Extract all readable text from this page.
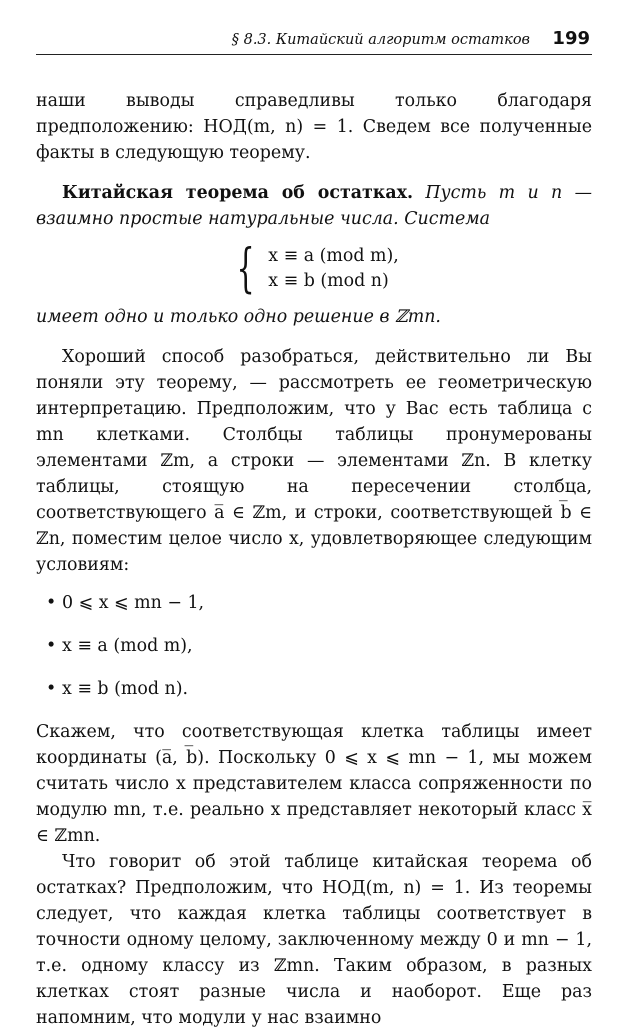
§ 8.3. Китайский алгоритм остатков 199

наши выводы справедливы только благодаря предположению: НОД(m, n) = 1. Сведем все полученные факты в следующую теорему.

Китайская теорема об остатках. Пусть m и n — взаимно простые натуральные числа. Система

{ x ≡ a (mod m),
x ≡ b (mod n)

имеет одно и только одно решение в ℤmn.

Хороший способ разобраться, действительно ли Вы поняли эту теорему, — рассмотреть ее геометрическую интерпретацию. Предположим, что у Вас есть таблица с mn клетками. Столбцы таблицы пронумерованы элементами ℤm, а строки — элементами ℤn. В клетку таблицы, стоящую на пересечении столбца, соответствующего a̅ ∈ ℤm, и строки, соответствующей b̅ ∈ ℤn, поместим целое число x, удовлетворяющее следующим условиям:

• 0 ⩽ x ⩽ mn − 1,
• x ≡ a (mod m),
• x ≡ b (mod n).

Скажем, что соответствующая клетка таблицы имеет координаты (a̅, b̅). Поскольку 0 ⩽ x ⩽ mn − 1, мы можем считать число x представителем класса сопряженности по модулю mn, т.е. реально x представляет некоторый класс x̅ ∈ ℤmn.

Что говорит об этой таблице китайская теорема об остатках? Предположим, что НОД(m, n) = 1. Из теоремы следует, что каждая клетка таблицы соответствует в точности одному целому, заключенному между 0 и mn − 1, т.е. одному классу из ℤmn. Таким образом, в разных клетках стоят разные числа и наоборот. Еще раз напомним, что модули у нас взаимно
